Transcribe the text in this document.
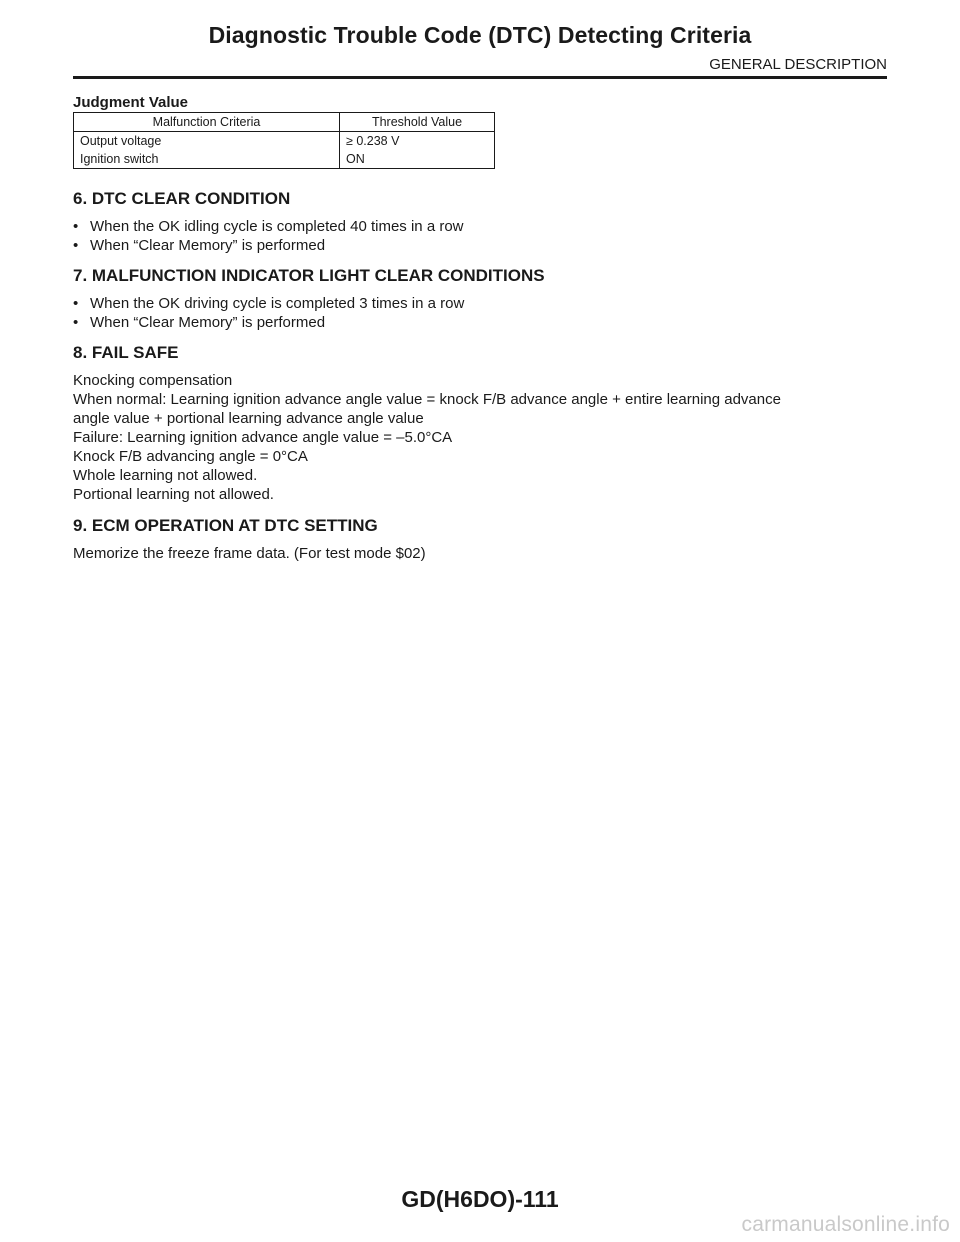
Diagnostic Trouble Code (DTC) Detecting Criteria
GENERAL DESCRIPTION

Judgment Value

Malfunction Criteria	Threshold Value
Output voltage	≥ 0.238 V
Ignition switch	ON
6. DTC CLEAR CONDITION
• When the OK idling cycle is completed 40 times in a row
• When “Clear Memory” is performed
7. MALFUNCTION INDICATOR LIGHT CLEAR CONDITIONS
• When the OK driving cycle is completed 3 times in a row
• When “Clear Memory” is performed
8. FAIL SAFE

Knocking compensation

When normal: Learning ignition advance angle value = knock F/B advance angle + entire learning advance

angle value + portional learning advance angle value

Failure: Learning ignition advance angle value = –5.0°CA

Knock F/B advancing angle = 0°CA

Whole learning not allowed.

Portional learning not allowed.

9. ECM OPERATION AT DTC SETTING

Memorize the freeze frame data. (For test mode $02)

GD(H6DO)-111
carmanualsonline.info
